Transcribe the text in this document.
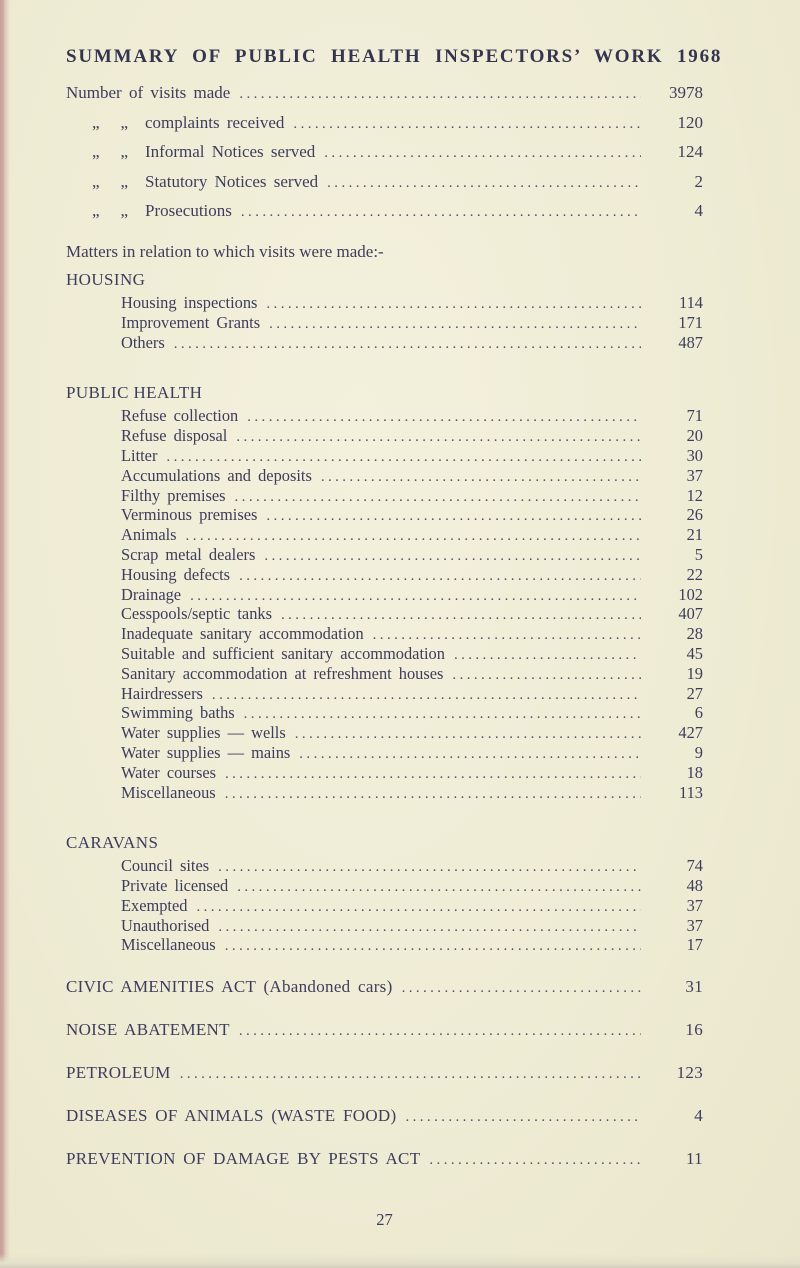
SUMMARY OF PUBLIC HEALTH INSPECTORS’ WORK 1968
Number of visits made .....	3978
„ „ complaints received .....	120
„ „ Informal Notices served .....	124
„ „ Statutory Notices served .....	2
„ „ Prosecutions .....	4
Matters in relation to which visits were made:-
HOUSING
Housing inspections .....	114
Improvement Grants .....	171
Others .....	487
PUBLIC HEALTH
Refuse collection .....	71
Refuse disposal .....	20
Litter .....	30
Accumulations and deposits .....	37
Filthy premises .....	12
Verminous premises .....	26
Animals .....	21
Scrap metal dealers .....	5
Housing defects .....	22
Drainage .....	102
Cesspools/septic tanks .....	407
Inadequate sanitary accommodation .....	28
Suitable and sufficient sanitary accommodation .....	45
Sanitary accommodation at refreshment houses .....	19
Hairdressers .....	27
Swimming baths .....	6
Water supplies — wells .....	427
Water supplies — mains .....	9
Water courses .....	18
Miscellaneous .....	113
CARAVANS
Council sites .....	74
Private licensed .....	48
Exempted .....	37
Unauthorised .....	37
Miscellaneous .....	17
CIVIC AMENITIES ACT (Abandoned cars) .....	31
NOISE ABATEMENT .....	16
PETROLEUM .....	123
DISEASES OF ANIMALS (WASTE FOOD) .....	4
PREVENTION OF DAMAGE BY PESTS ACT .....	11
27
